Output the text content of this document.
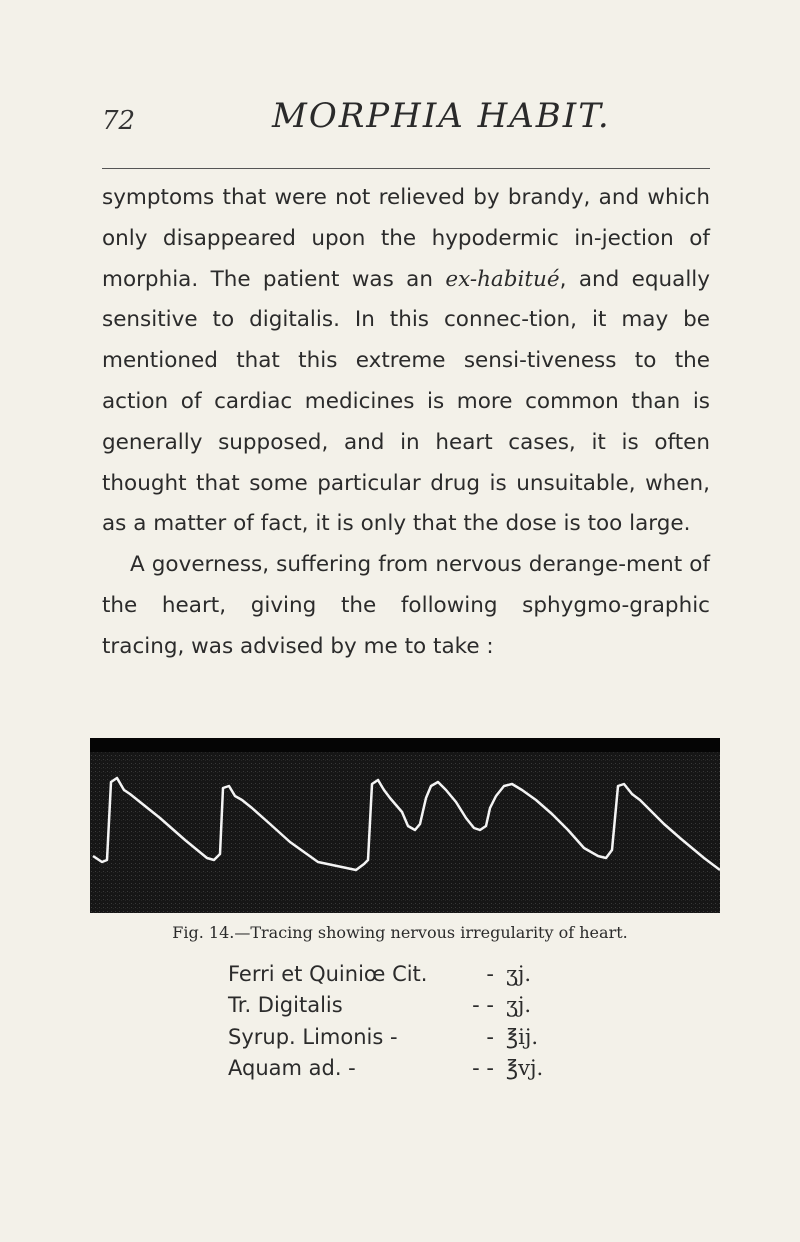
72	MORPHIA HABIT.

symptoms that were not relieved by brandy, and which only disappeared upon the hypodermic in-jection of morphia. The patient was an ex-habitué, and equally sensitive to digitalis. In this connec-tion, it may be mentioned that this extreme sensi-tiveness to the action of cardiac medicines is more common than is generally supposed, and in heart cases, it is often thought that some particular drug is unsuitable, when, as a matter of fact, it is only that the dose is too large.

A governess, suffering from nervous derange-ment of the heart, giving the following sphygmo-graphic tracing, was advised by me to take :

Fig. 14.—Tracing showing nervous irregularity of heart.
Ferri et Quiniœ Cit.	- ʒj.
Tr. Digitalis	- - ʒj.
Syrup. Limonis -	- ℥ij.
Aquam ad. -	- - ℥vj.
